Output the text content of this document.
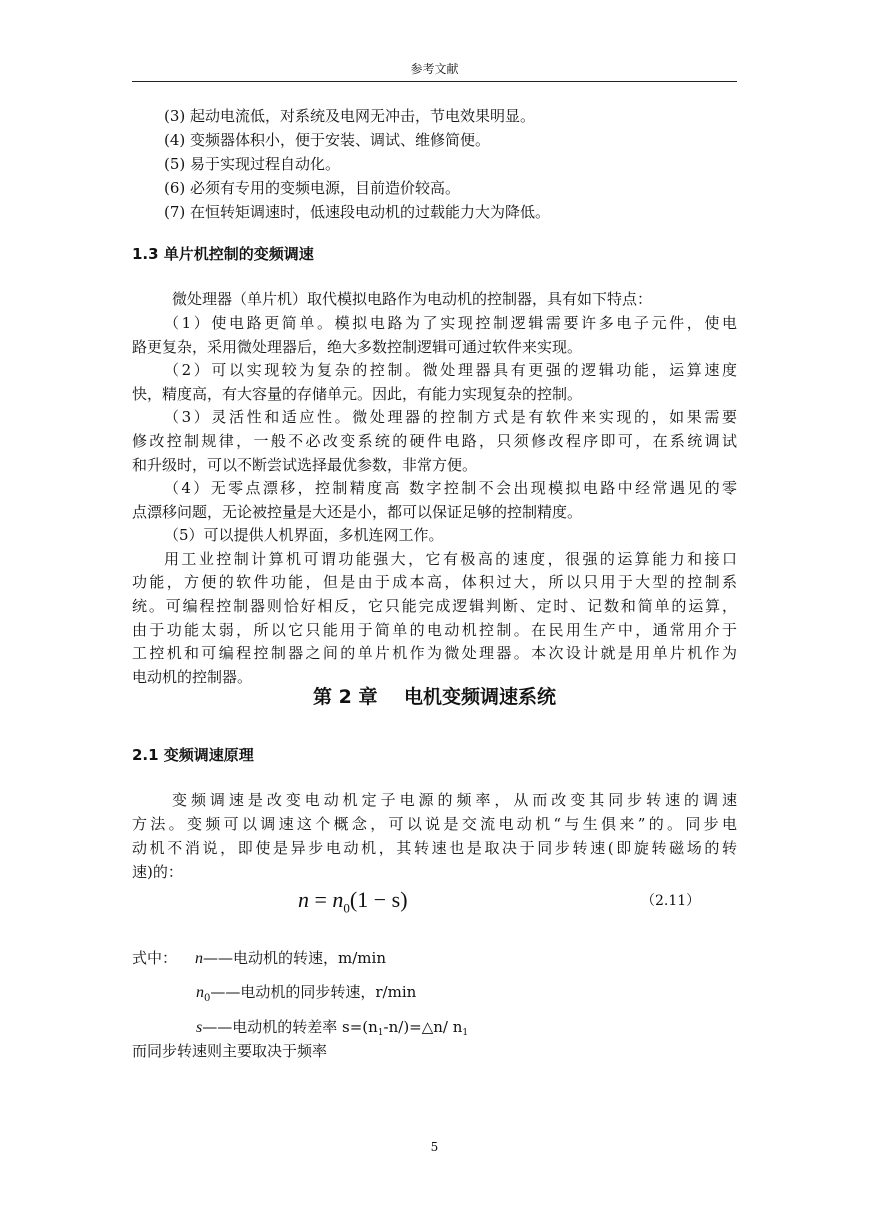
参考文献
(3) 起动电流低，对系统及电网无冲击，节电效果明显。
(4) 变频器体积小，便于安装、调试、维修简便。
(5) 易于实现过程自动化。
(6) 必须有专用的变频电源，目前造价较高。
(7) 在恒转矩调速时，低速段电动机的过载能力大为降低。
1.3 单片机控制的变频调速
微处理器（单片机）取代模拟电路作为电动机的控制器，具有如下特点：
（1）使电路更简单。模拟电路为了实现控制逻辑需要许多电子元件，使电
路更复杂，采用微处理器后，绝大多数控制逻辑可通过软件来实现。
（2）可以实现较为复杂的控制。微处理器具有更强的逻辑功能，运算速度
快，精度高，有大容量的存储单元。因此，有能力实现复杂的控制。
（3）灵活性和适应性。微处理器的控制方式是有软件来实现的，如果需要
修改控制规律，一般不必改变系统的硬件电路，只须修改程序即可，在系统调试
和升级时，可以不断尝试选择最优参数，非常方便。
（4）无零点漂移，控制精度高 数字控制不会出现模拟电路中经常遇见的零
点漂移问题，无论被控量是大还是小，都可以保证足够的控制精度。
（5）可以提供人机界面，多机连网工作。
用工业控制计算机可谓功能强大，它有极高的速度，很强的运算能力和接口
功能，方便的软件功能，但是由于成本高，体积过大，所以只用于大型的控制系
统。可编程控制器则恰好相反，它只能完成逻辑判断、定时、记数和简单的运算，
由于功能太弱，所以它只能用于简单的电动机控制。在民用生产中，通常用介于
工控机和可编程控制器之间的单片机作为微处理器。本次设计就是用单片机作为
电动机的控制器。
第 2 章    电机变频调速系统
2.1 变频调速原理
变频调速是改变电动机定子电源的频率，从而改变其同步转速的调速
方法。变频可以调速这个概念，可以说是交流电动机“与生俱来”的。同步电
动机不消说，即使是异步电动机，其转速也是取决于同步转速(即旋转磁场的转
速)的：
$n = n_0(1 - s)$	（2.11）
式中： n——电动机的转速，m/min
$n_0——$电动机的同步转速，r/min
s——电动机的转差率 $s=(n_1-n/)=\triangle n/$ $n_1$
而同步转速则主要取决于频率
5
